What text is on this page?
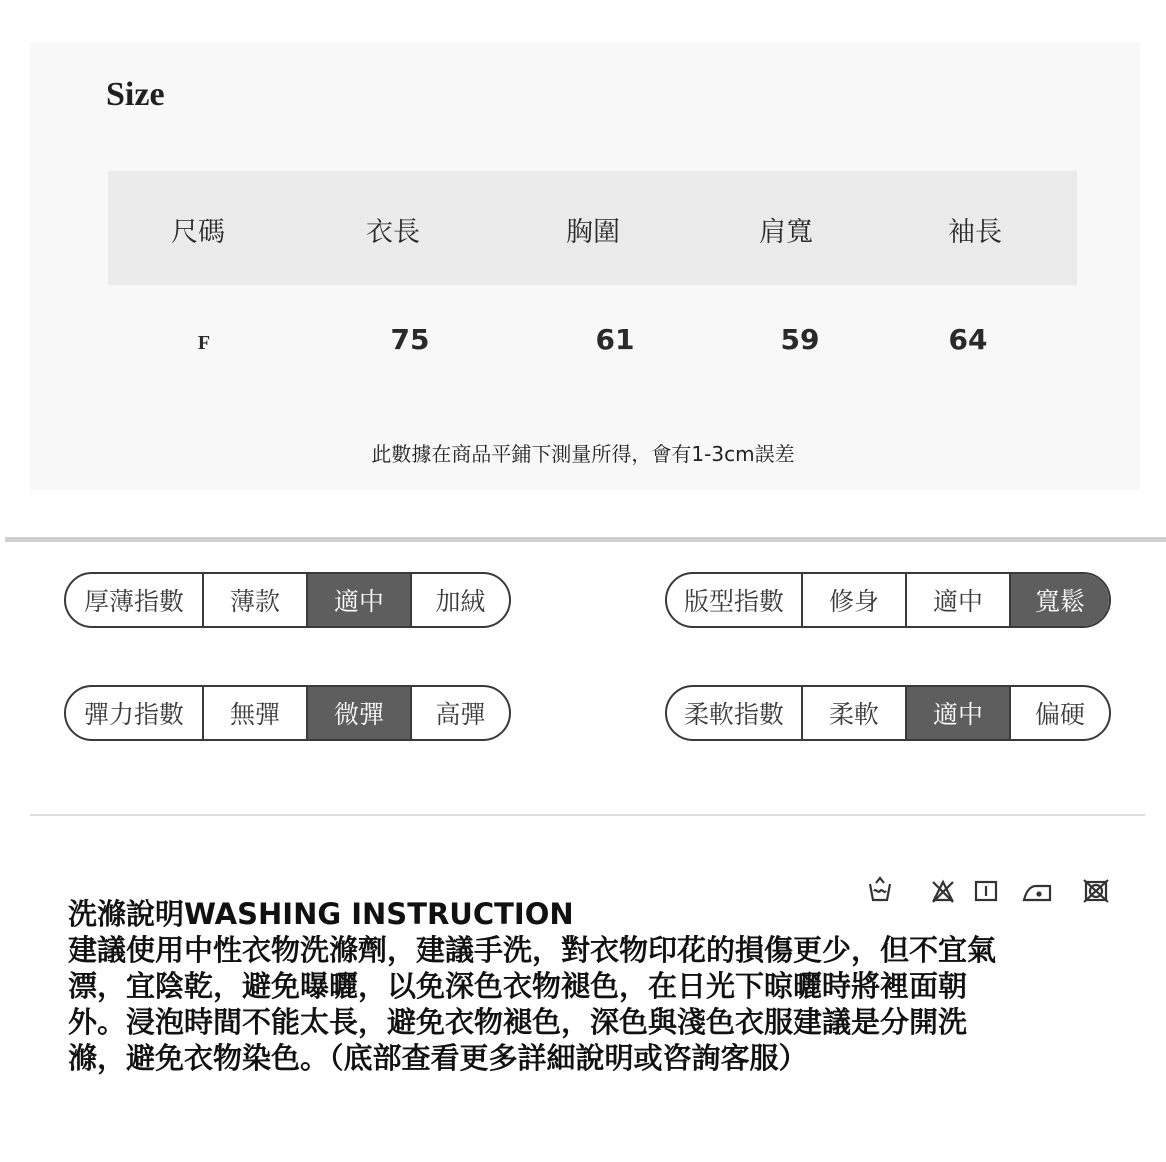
Size
尺碼	衣長	胸圍	肩寬	袖長
F	75	61	59	64
此數據在商品平鋪下測量所得，會有1-3cm誤差
厚薄指數	薄款	適中	加絨	版型指數	修身	適中	寬鬆
彈力指數	無彈	微彈	高彈	柔軟指數	柔軟	適中	偏硬
洗滌說明WASHING INSTRUCTION
建議使用中性衣物洗滌劑，建議手洗，對衣物印花的損傷更少，但不宜氣
漂，宜陰乾，避免曝曬，以免深色衣物褪色，在日光下晾曬時將裡面朝
外。浸泡時間不能太長，避免衣物褪色，深色與淺色衣服建議是分開洗
滌，避免衣物染色。（底部查看更多詳細說明或咨詢客服）
